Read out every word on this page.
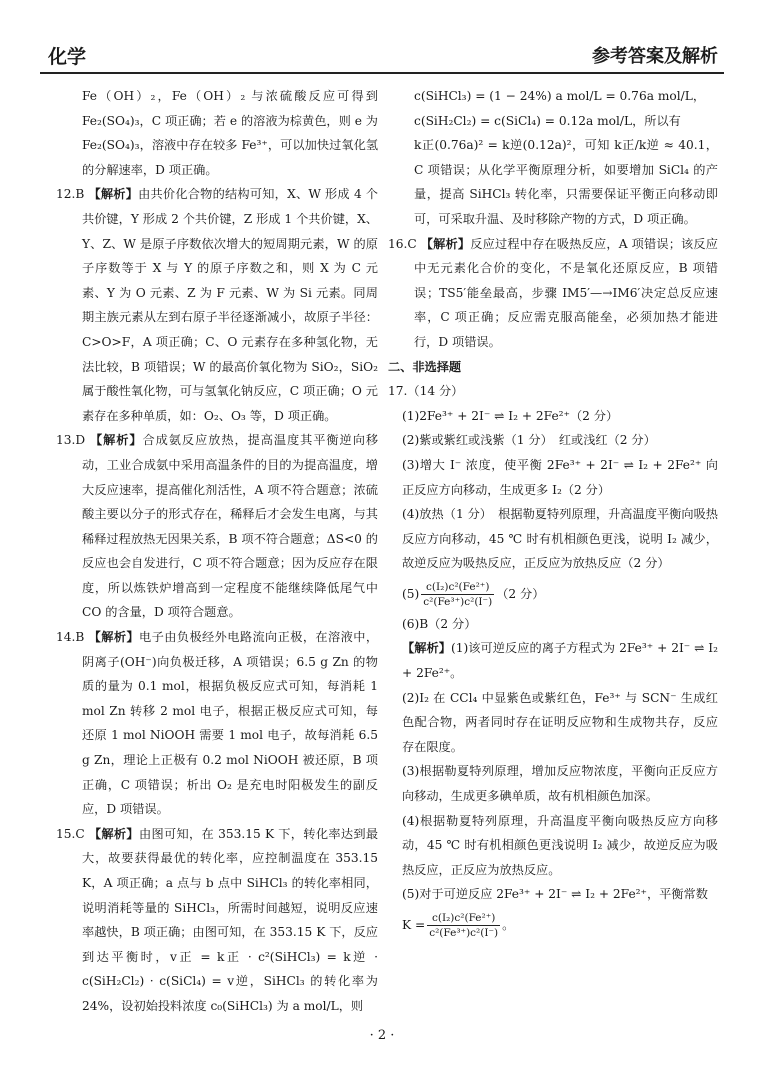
化学	参考答案及解析

Fe（OH）₂，Fe（OH）₂ 与浓硫酸反应可得到 Fe₂(SO₄)₃，C 项正确；若 e 的溶液为棕黄色，则 e 为 Fe₂(SO₄)₃，溶液中存在较多 Fe³⁺，可以加快过氧化氢的分解速率，D 项正确。

12.B 【解析】由共价化合物的结构可知，X、W 形成 4 个共价键，Y 形成 2 个共价键，Z 形成 1 个共价键，X、Y、Z、W 是原子序数依次增大的短周期元素，W 的原子序数等于 X 与 Y 的原子序数之和，则 X 为 C 元素、Y 为 O 元素、Z 为 F 元素、W 为 Si 元素。同周期主族元素从左到右原子半径逐渐减小，故原子半径：C>O>F，A 项正确；C、O 元素存在多种氢化物，无法比较，B 项错误；W 的最高价氧化物为 SiO₂，SiO₂ 属于酸性氧化物，可与氢氧化钠反应，C 项正确；O 元素存在多种单质，如：O₂、O₃ 等，D 项正确。

13.D 【解析】合成氨反应放热，提高温度其平衡逆向移动，工业合成氨中采用高温条件的目的为提高温度，增大反应速率，提高催化剂活性，A 项不符合题意；浓硫酸主要以分子的形式存在，稀释后才会发生电离，与其稀释过程放热无因果关系，B 项不符合题意；ΔS<0 的反应也会自发进行，C 项不符合题意；因为反应存在限度，所以炼铁炉增高到一定程度不能继续降低尾气中 CO 的含量，D 项符合题意。

14.B 【解析】电子由负极经外电路流向正极，在溶液中，阴离子(OH⁻)向负极迁移，A 项错误；6.5 g Zn 的物质的量为 0.1 mol，根据负极反应式可知，每消耗 1 mol Zn 转移 2 mol 电子，根据正极反应式可知，每还原 1 mol NiOOH 需要 1 mol 电子，故每消耗 6.5 g Zn，理论上正极有 0.2 mol NiOOH 被还原，B 项正确，C 项错误；析出 O₂ 是充电时阳极发生的副反应，D 项错误。

15.C 【解析】由图可知，在 353.15 K 下，转化率达到最大，故要获得最优的转化率，应控制温度在 353.15 K，A 项正确；a 点与 b 点中 SiHCl₃ 的转化率相同，说明消耗等量的 SiHCl₃，所需时间越短，说明反应速率越快，B 项正确；由图可知，在 353.15 K 下，反应到达平衡时，v正 = k正 · c²(SiHCl₃) = k逆 · c(SiH₂Cl₂) · c(SiCl₄) = v逆，SiHCl₃ 的转化率为 24%，设初始投料浓度 c₀(SiHCl₃) 为 a mol/L，则

c(SiHCl₃) = (1 − 24%) a mol/L = 0.76a mol/L，

c(SiH₂Cl₂) = c(SiCl₄) = 0.12a mol/L，所以有

k正(0.76a)² = k逆(0.12a)²，可知 k正/k逆 ≈ 40.1，C 项错误；从化学平衡原理分析，如要增加 SiCl₄ 的产量，提高 SiHCl₃ 转化率，只需要保证平衡正向移动即可，可采取升温、及时移除产物的方式，D 项正确。

16.C 【解析】反应过程中存在吸热反应，A 项错误；该反应中无元素化合价的变化，不是氧化还原反应，B 项错误；TS5′能垒最高，步骤 IM5′—→IM6′决定总反应速率，C 项正确；反应需克服高能垒，必须加热才能进行，D 项错误。

二、非选择题

17.（14 分）

(1)2Fe³⁺ + 2I⁻ ⇌ I₂ + 2Fe²⁺（2 分）

(2)紫或紫红或浅紫（1 分）　红或浅红（2 分）

(3)增大 I⁻ 浓度，使平衡 2Fe³⁺ + 2I⁻ ⇌ I₂ + 2Fe²⁺ 向正反应方向移动，生成更多 I₂（2 分）

(4)放热（1 分）　根据勒夏特列原理，升高温度平衡向吸热反应方向移动，45 ℃ 时有机相颜色更浅，说明 I₂ 减少，故逆反应为吸热反应，正反应为放热反应（2 分）

$(5) \frac{\text{c(I₂)c²(Fe²⁺)}}{\text{c²(Fe³⁺)c²(I⁻)}} (2$ 分）

(6)B（2 分）

【解析】(1)该可逆反应的离子方程式为 2Fe³⁺ + 2I⁻ ⇌ I₂ + 2Fe²⁺。

(2)I₂ 在 CCl₄ 中显紫色或紫红色，Fe³⁺ 与 SCN⁻ 生成红色配合物，两者同时存在证明反应物和生成物共存，反应存在限度。

(3)根据勒夏特列原理，增加反应物浓度，平衡向正反应方向移动，生成更多碘单质，故有机相颜色加深。

(4)根据勒夏特列原理，升高温度平衡向吸热反应方向移动，45 ℃ 时有机相颜色更浅说明 I₂ 减少，故逆反应为吸热反应，正反应为放热反应。

(5)对于可逆反应 2Fe³⁺ + 2I⁻ ⇌ I₂ + 2Fe²⁺，平衡常数

$K = \frac{\text{c(I₂)c²(Fe²⁺)}}{\text{c²(Fe³⁺)c²(I⁻)}}$ 。

· 2 ·
